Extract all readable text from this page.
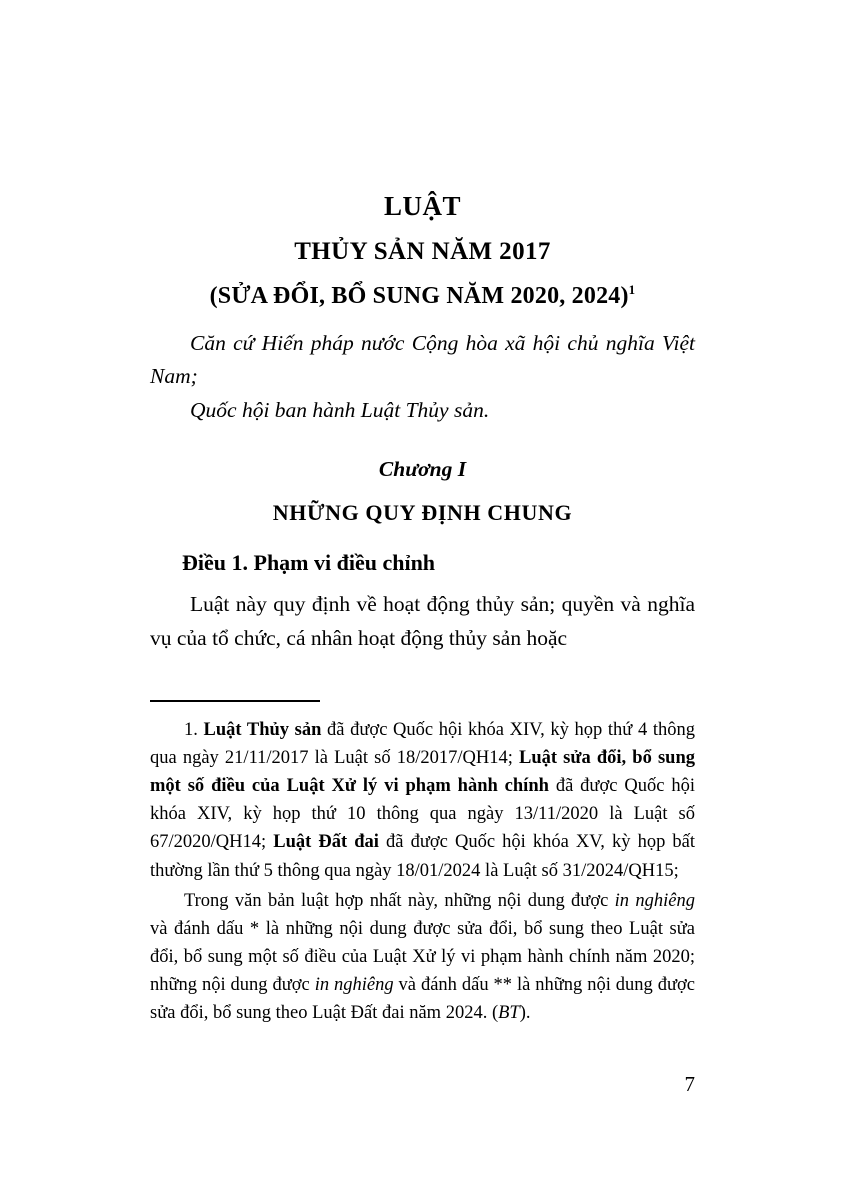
LUẬT
THỦY SẢN NĂM 2017
(SỬA ĐỔI, BỔ SUNG NĂM 2020, 2024)$^1$

Căn cứ Hiến pháp nước Cộng hòa xã hội chủ nghĩa Việt Nam;

Quốc hội ban hành Luật Thủy sản.

Chương I
NHỮNG QUY ĐỊNH CHUNG
Điều 1. Phạm vi điều chỉnh

Luật này quy định về hoạt động thủy sản; quyền và nghĩa vụ của tổ chức, cá nhân hoạt động thủy sản hoặc

1. Luật Thủy sản đã được Quốc hội khóa XIV, kỳ họp thứ 4 thông qua ngày 21/11/2017 là Luật số 18/2017/QH14; Luật sửa đổi, bổ sung một số điều của Luật Xử lý vi phạm hành chính đã được Quốc hội khóa XIV, kỳ họp thứ 10 thông qua ngày 13/11/2020 là Luật số 67/2020/QH14; Luật Đất đai đã được Quốc hội khóa XV, kỳ họp bất thường lần thứ 5 thông qua ngày 18/01/2024 là Luật số 31/2024/QH15;

Trong văn bản luật hợp nhất này, những nội dung được in nghiêng và đánh dấu * là những nội dung được sửa đổi, bổ sung theo Luật sửa đổi, bổ sung một số điều của Luật Xử lý vi phạm hành chính năm 2020; những nội dung được in nghiêng và đánh dấu ** là những nội dung được sửa đổi, bổ sung theo Luật Đất đai năm 2024. (BT).

7
